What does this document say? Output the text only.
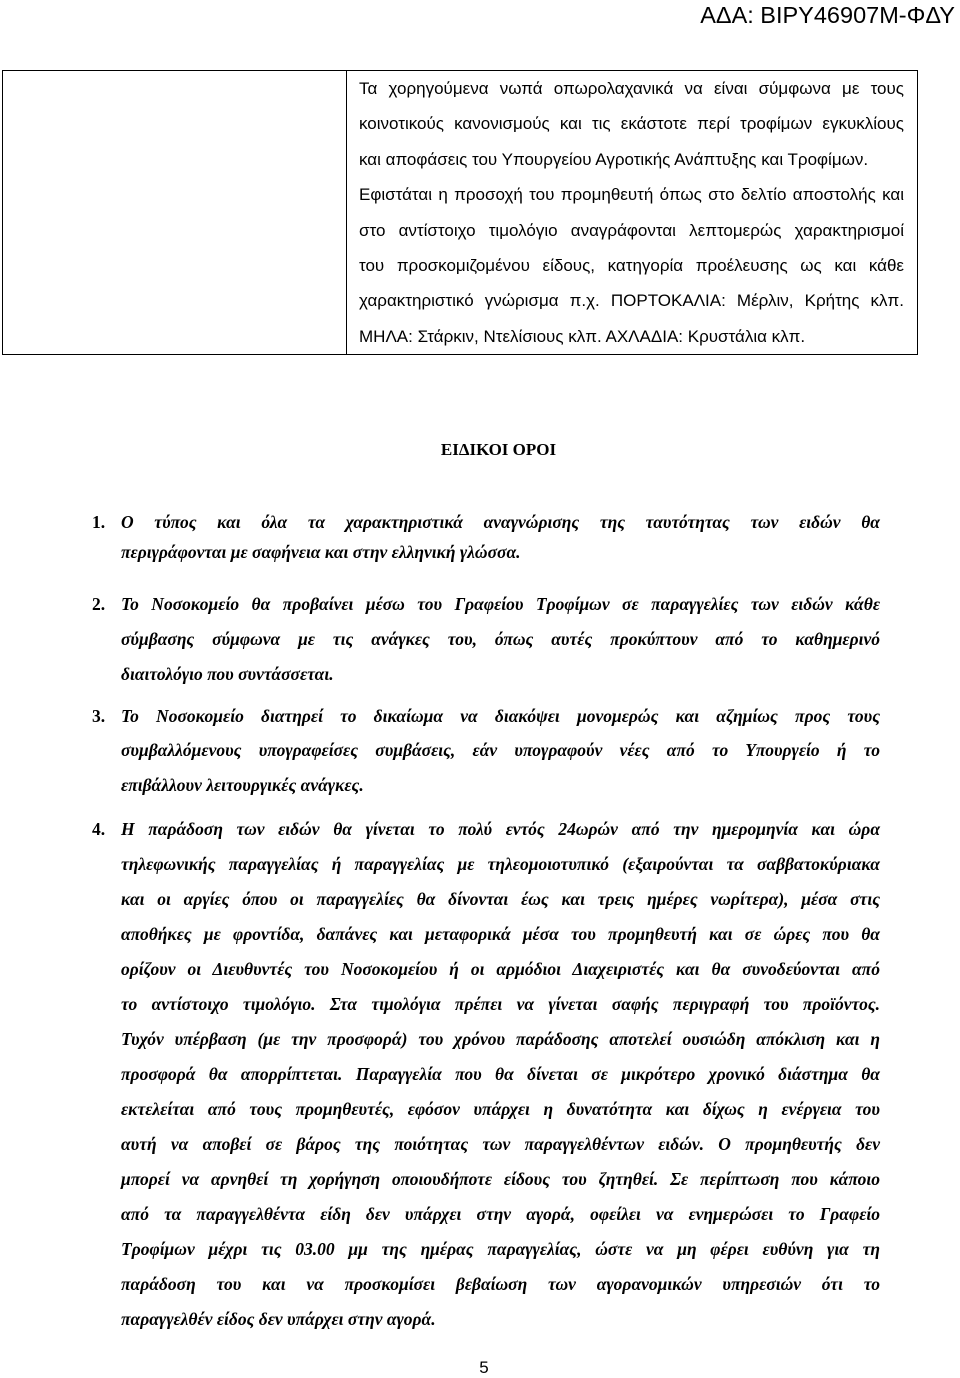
ΑΔΑ: ΒΙΡΥ46907Μ-ΦΔΥ
Τα χορηγούμενα νωπά οπωρολαχανικά να είναι σύμφωνα με τους
κοινοτικούς κανονισμούς και τις εκάστοτε περί τροφίμων εγκυκλίους
και αποφάσεις του Υπουργείου Αγροτικής Ανάπτυξης και Τροφίμων.
Εφιστάται η προσοχή του προμηθευτή όπως στο δελτίο αποστολής και
στο αντίστοιχο τιμολόγιο αναγράφονται λεπτομερώς χαρακτηρισμοί
του προσκομιζομένου είδους, κατηγορία προέλευσης ως και κάθε
χαρακτηριστικό γνώρισμα π.χ. ΠΟΡΤΟΚΑΛΙΑ: Μέρλιν, Κρήτης κλπ.
ΜΗΛΑ: Στάρκιν, Ντελίσιους κλπ. ΑΧΛΑΔΙΑ: Κρυστάλια κλπ.
ΕΙΔΙΚΟΙ ΟΡΟΙ
1. Ο τύπος και όλα τα χαρακτηριστικά αναγνώρισης της ταυτότητας των ειδών θα
περιγράφονται με σαφήνεια και στην ελληνική γλώσσα.
2. Το Νοσοκομείο θα προβαίνει μέσω του Γραφείου Τροφίμων σε παραγγελίες των ειδών κάθε
σύμβασης σύμφωνα με τις ανάγκες του, όπως αυτές προκύπτουν από το καθημερινό
διαιτολόγιο που συντάσσεται.
3. Το Νοσοκομείο διατηρεί το δικαίωμα να διακόψει μονομερώς και αζημίως προς τους
συμβαλλόμενους υπογραφείσες συμβάσεις, εάν υπογραφούν νέες από το Υπουργείο ή το
επιβάλλουν λειτουργικές ανάγκες.
4. Η παράδοση των ειδών θα γίνεται το πολύ εντός 24ωρών από την ημερομηνία και ώρα
τηλεφωνικής παραγγελίας ή παραγγελίας με τηλεομοιοτυπικό (εξαιρούνται τα σαββατοκύριακα
και οι αργίες όπου οι παραγγελίες θα δίνονται έως και τρεις ημέρες νωρίτερα), μέσα στις
αποθήκες με φροντίδα, δαπάνες και μεταφορικά μέσα του προμηθευτή και σε ώρες που θα
ορίζουν οι Διευθυντές του Νοσοκομείου ή οι αρμόδιοι Διαχειριστές και θα συνοδεύονται από
το αντίστοιχο τιμολόγιο. Στα τιμολόγια πρέπει να γίνεται σαφής περιγραφή του προϊόντος.
Τυχόν υπέρβαση (με την προσφορά) του χρόνου παράδοσης αποτελεί ουσιώδη απόκλιση και η
προσφορά θα απορρίπτεται. Παραγγελία που θα δίνεται σε μικρότερο χρονικό διάστημα θα
εκτελείται από τους προμηθευτές, εφόσον υπάρχει η δυνατότητα και δίχως η ενέργεια του
αυτή να αποβεί σε βάρος της ποιότητας των παραγγελθέντων ειδών. Ο προμηθευτής δεν
μπορεί να αρνηθεί τη χορήγηση οποιουδήποτε είδους του ζητηθεί. Σε περίπτωση που κάποιο
από τα παραγγελθέντα είδη δεν υπάρχει στην αγορά, οφείλει να ενημερώσει το Γραφείο
Τροφίμων μέχρι τις 03.00 μμ της ημέρας παραγγελίας, ώστε να μη φέρει ευθύνη για τη
παράδοση του και να προσκομίσει βεβαίωση των αγορανομικών υπηρεσιών ότι το
παραγγελθέν είδος δεν υπάρχει στην αγορά.
5
